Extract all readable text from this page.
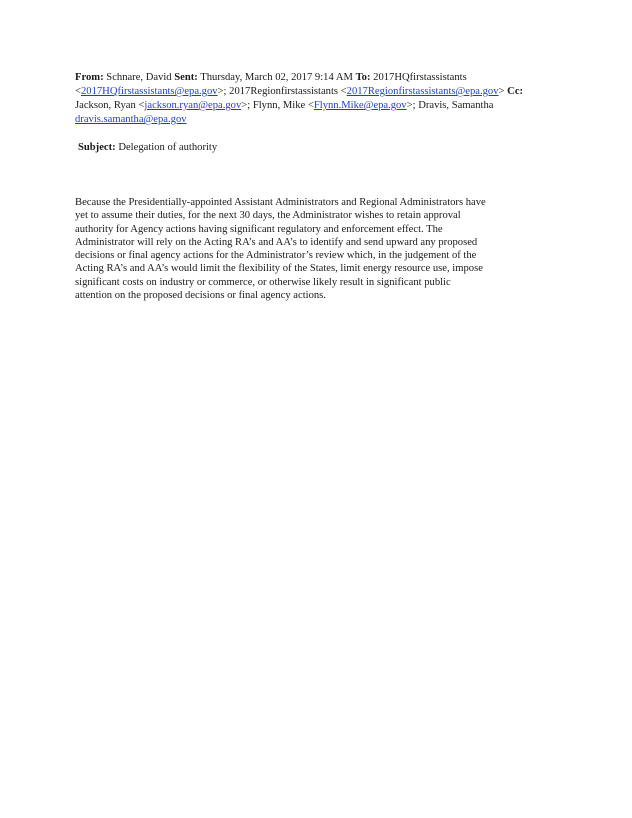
From: Schnare, David Sent: Thursday, March 02, 2017 9:14 AM To: 2017HQfirstassistants
<2017HQfirstassistants@epa.gov>; 2017Regionfirstassistants <2017Regionfirstassistants@epa.gov> Cc:
Jackson, Ryan <jackson.ryan@epa.gov>; Flynn, Mike <Flynn.Mike@epa.gov>; Dravis, Samantha
dravis.samantha@epa.gov
Subject: Delegation of authority
Because the Presidentially-appointed Assistant Administrators and Regional Administrators have
yet to assume their duties, for the next 30 days, the Administrator wishes to retain approval
authority for Agency actions having significant regulatory and enforcement effect. The
Administrator will rely on the Acting RA’s and AA’s to identify and send upward any proposed
decisions or final agency actions for the Administrator’s review which, in the judgement of the
Acting RA’s and AA’s would limit the flexibility of the States, limit energy resource use, impose
significant costs on industry or commerce, or otherwise likely result in significant public
attention on the proposed decisions or final agency actions.
